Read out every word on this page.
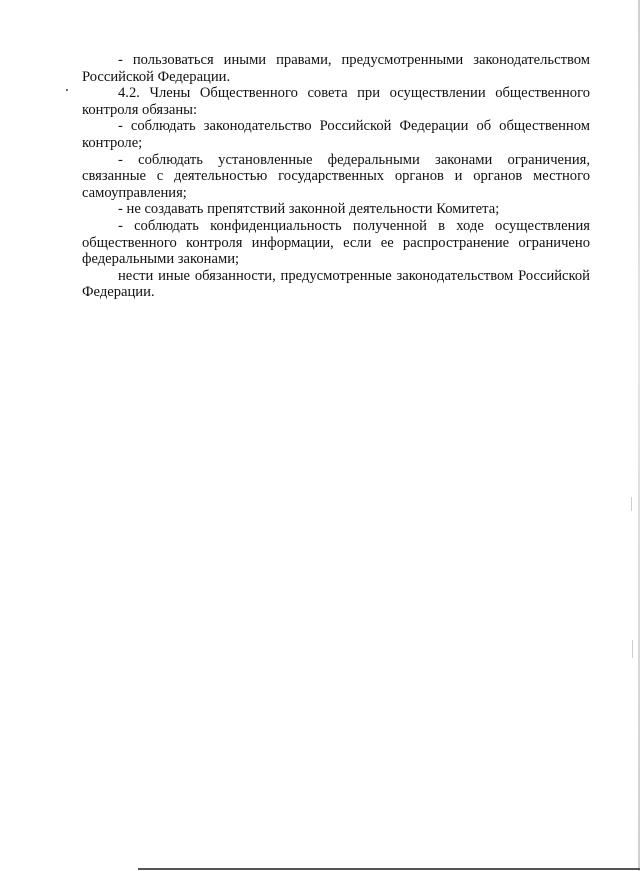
- пользоваться иными правами, предусмотренными законодательством Российской Федерации.

4.2. Члены Общественного совета при осуществлении общественного контроля обязаны:

- соблюдать законодательство Российской Федерации об общественном контроле;

- соблюдать установленные федеральными законами ограничения, связанные с деятельностью государственных органов и органов местного самоуправления;

- не создавать препятствий законной деятельности Комитета;

- соблюдать конфиденциальность полученной в ходе осуществления общественного контроля информации, если ее распространение ограничено федеральными законами;

нести иные обязанности, предусмотренные законодательством Российской Федерации.
